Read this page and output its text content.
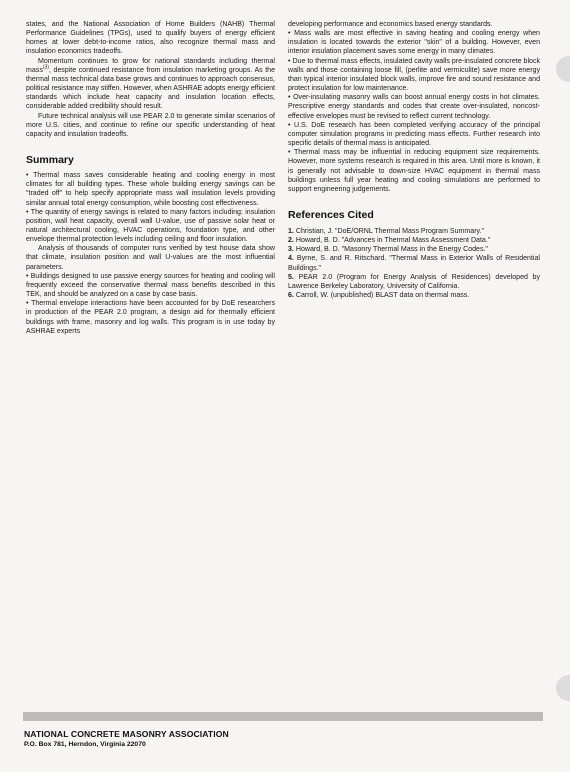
states, and the National Association of Home Builders (NAHB) Thermal Performance Guidelines (TPGs), used to qualify buyers of energy efficient homes at lower debt-to-income ratios, also recognize thermal mass and insulation economics tradeoffs.

Momentum continues to grow for national standards including thermal mass$^{(3)}$, despite continued resistance from insulation marketing groups. As the thermal mass technical data base grows and continues to approach consensus, political resistance may stiffen. However, when ASHRAE adopts energy efficient standards which include heat capacity and insulation location effects, considerable added credibility should result.

Future technical analysis will use PEAR 2.0 to generate similar scenarios of more U.S. cities, and continue to refine our specific understanding of heat capacity and insulation tradeoffs.

Summary

• Thermal mass saves considerable heating and cooling energy in most climates for all building types. These whole building energy savings can be "traded off" to help specify appropriate mass wall insulation levels providing similar annual total energy consumption, while boosting cost effectiveness.

• The quantity of energy savings is related to many factors including: insulation position, wall heat capacity, overall wall U-value, use of passive solar heat or natural architectural cooling, HVAC operations, foundation type, and other envelope thermal protection levels including ceiling and floor insulation.

Analysis of thousands of computer runs verified by test house data show that climate, insulation position and wall U-values are the most influential parameters.

• Buildings designed to use passive energy sources for heating and cooling will frequently exceed the conservative thermal mass benefits described in this TEK, and should be analyzed on a case by case basis.

• Thermal envelope interactions have been accounted for by DoE researchers in production of the PEAR 2.0 program, a design aid for thermally efficient buildings with frame, masonry and log walls. This program is in use today by ASHRAE experts

developing performance and economics based energy standards.

• Mass walls are most effective in saving heating and cooling energy when insulation is located towards the exterior "skin" of a building. However, even interior insulation placement saves some energy in many climates.

• Due to thermal mass effects, insulated cavity walls pre-insulated concrete block walls and those containing loose fill, (perlite and vermiculite) save more energy than typical interior insulated block walls, improve fire and sound resistance and protect insulation for low maintenance.

• Over-insulating masonry walls can boost annual energy costs in hot climates. Prescriptive energy standards and codes that create over-insulated, noncost-effective envelopes must be revised to reflect current technology.

• U.S. DoE research has been completed verifying accuracy of the principal computer simulation programs in predicting mass effects. Further research into specific details of thermal mass is anticipated.

• Thermal mass may be influential in reducing equipment size requirements. However, more systems research is required in this area. Until more is known, it is generally not advisable to down-size HVAC equipment in thermal mass buildings unless full year heating and cooling simulations are performed to support engineering judgements.

References Cited

1. Christian, J. "DoE/ORNL Thermal Mass Program Summary."

2. Howard, B. D. "Advances in Thermal Mass Assessment Data."

3. Howard, B. D. "Masonry Thermal Mass in the Energy Codes."

4. Byrne, S. and R. Ritschard. "Thermal Mass in Exterior Walls of Residential Buildings."

5. PEAR 2.0 (Program for Energy Analysis of Residences) developed by Lawrence Berkeley Laboratory, University of California.

6. Carroll, W. (unpublished) BLAST data on thermal mass.

NATIONAL CONCRETE MASONRY ASSOCIATION
P.O. Box 781, Herndon, Virginia 22070
